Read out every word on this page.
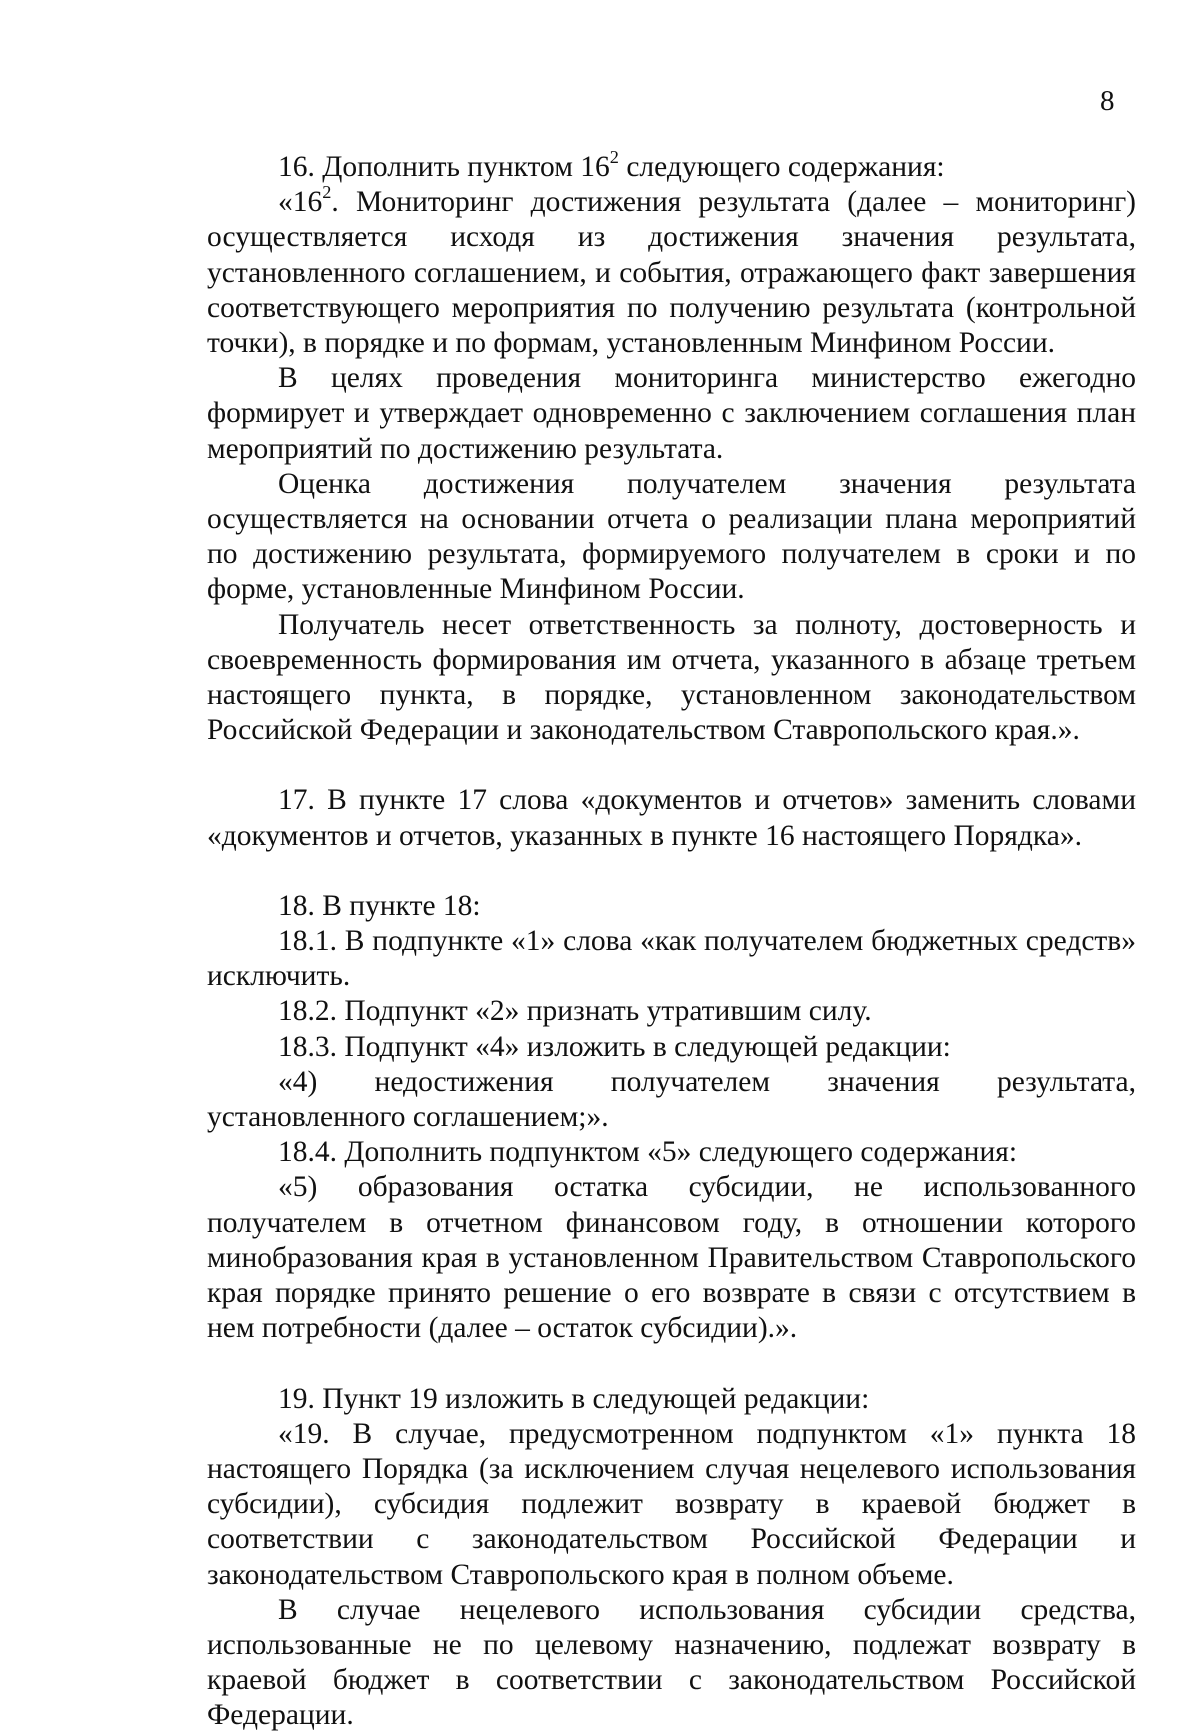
8

16. Дополнить пунктом $16^2$ следующего содержания:

«$16^2$. Мониторинг достижения результата (далее – мониторинг) осуществляется исходя из достижения значения результата, установленного соглашением, и события, отражающего факт завершения соответствующего мероприятия по получению результата (контрольной точки), в порядке и по формам, установленным Минфином России.

В целях проведения мониторинга министерство ежегодно формирует и утверждает одновременно с заключением соглашения план мероприятий по достижению результата.

Оценка достижения получателем значения результата осуществляется на основании отчета о реализации плана мероприятий по достижению результата, формируемого получателем в сроки и по форме, установленные Минфином России.

Получатель несет ответственность за полноту, достоверность и своевременность формирования им отчета, указанного в абзаце третьем настоящего пункта, в порядке, установленном законодательством Российской Федерации и законодательством Ставропольского края.».

17. В пункте 17 слова «документов и отчетов» заменить словами «документов и отчетов, указанных в пункте 16 настоящего Порядка».

18. В пункте 18:

18.1. В подпункте «1» слова «как получателем бюджетных средств» исключить.

18.2. Подпункт «2» признать утратившим силу.

18.3. Подпункт «4» изложить в следующей редакции:

«4) недостижения получателем значения результата, установленного соглашением;».

18.4. Дополнить подпунктом «5» следующего содержания:

«5) образования остатка субсидии, не использованного получателем в отчетном финансовом году, в отношении которого минобразования края в установленном Правительством Ставропольского края порядке принято решение о его возврате в связи с отсутствием в нем потребности (далее – остаток субсидии).».

19. Пункт 19 изложить в следующей редакции:

«19. В случае, предусмотренном подпунктом «1» пункта 18 настоящего Порядка (за исключением случая нецелевого использования субсидии), субсидия подлежит возврату в краевой бюджет в соответствии с законодательством Российской Федерации и законодательством Ставропольского края в полном объеме.

В случае нецелевого использования субсидии средства, использованные не по целевому назначению, подлежат возврату в краевой бюджет в соответствии с законодательством Российской Федерации.
